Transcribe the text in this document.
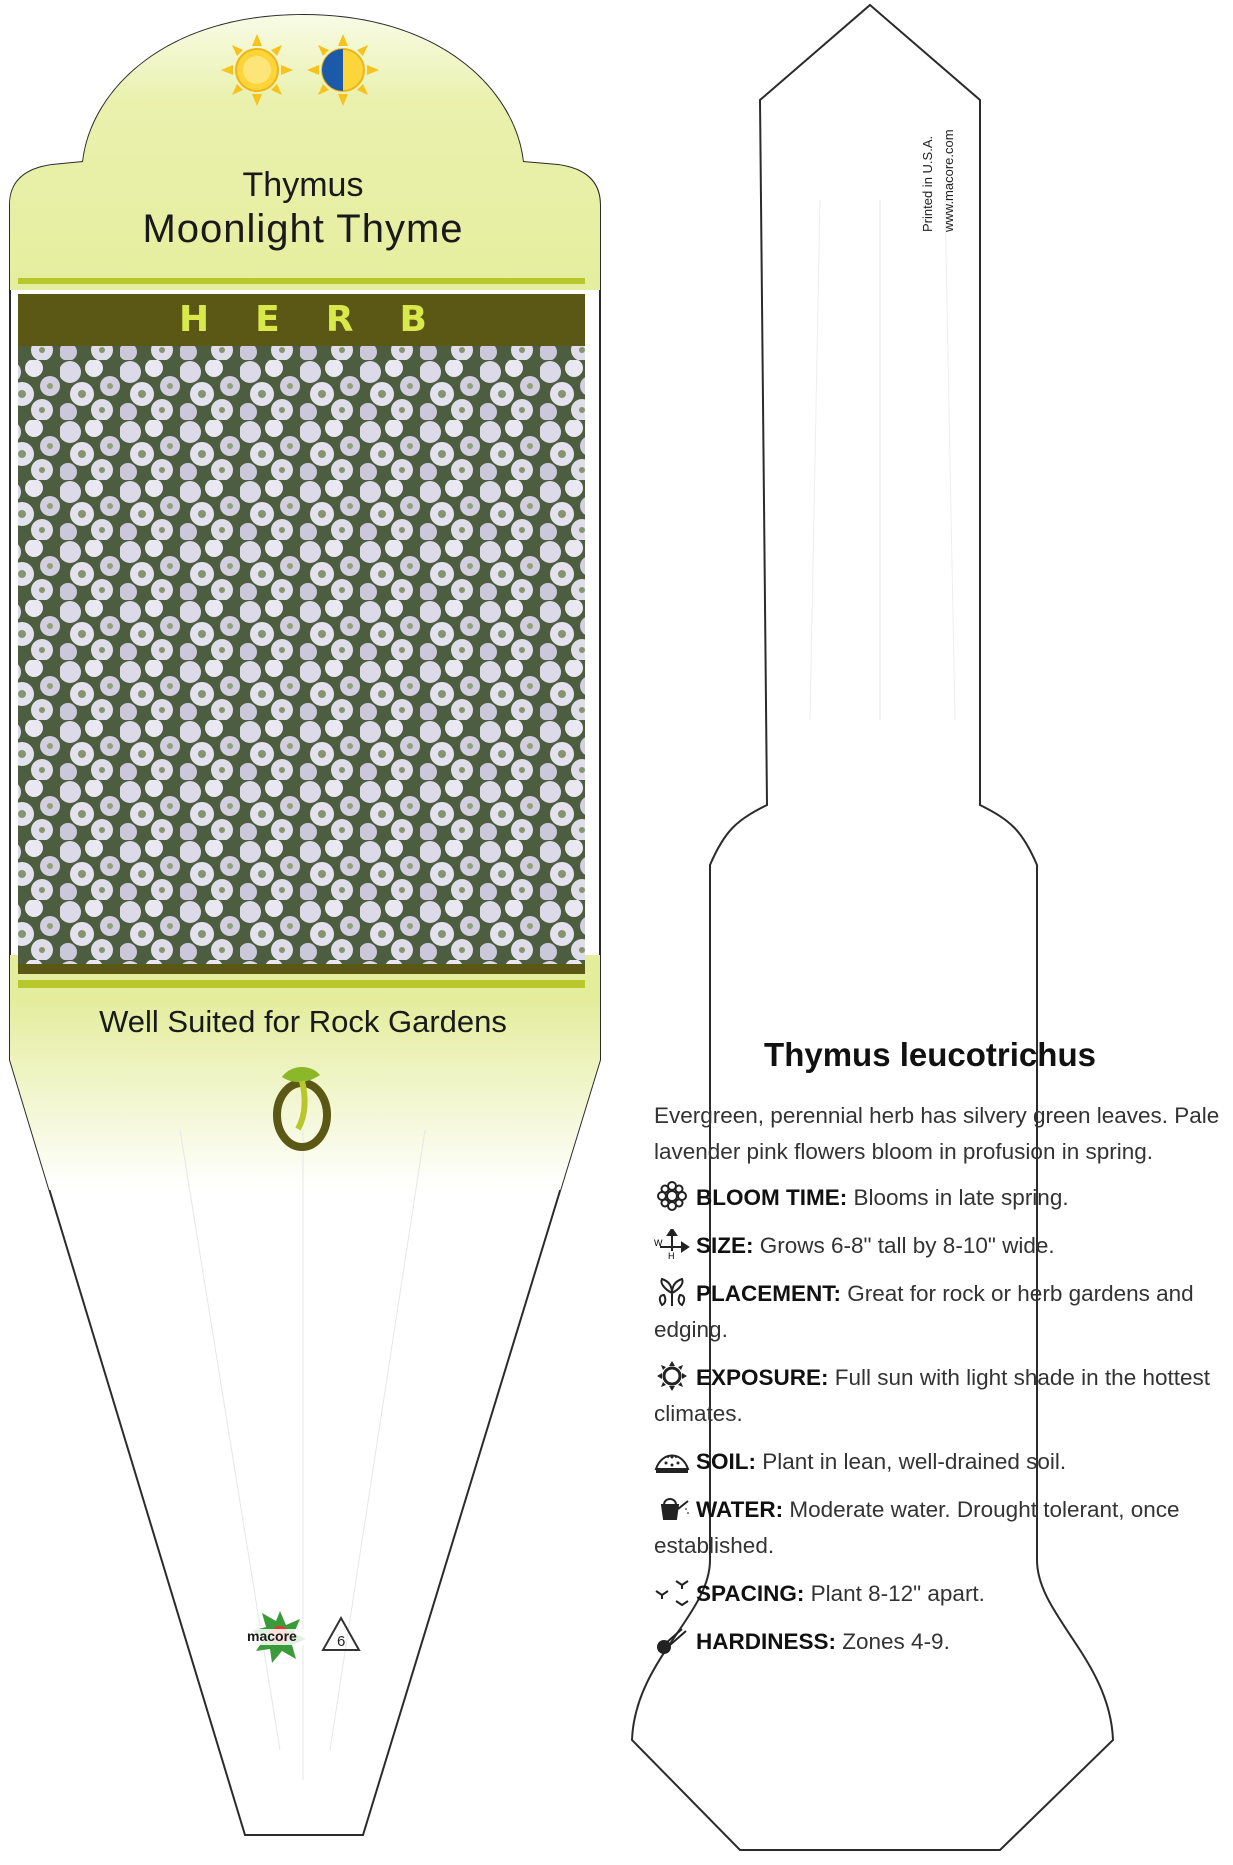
macore	6
Thymus
Moonlight Thyme
HERB
Well Suited for Rock Gardens
Printed in U.S.A. www.macore.com
Thymus leucotrichus
Evergreen, perennial herb has silvery green leaves. Pale lavender pink flowers bloom in profusion in spring.
BLOOM TIME: Blooms in late spring.
W
H SIZE: Grows 6-8" tall by 8-10" wide.
PLACEMENT: Great for rock or herb gardens and edging.
EXPOSURE: Full sun with light shade in the hottest climates.
SOIL: Plant in lean, well-drained soil.
WATER: Moderate water. Drought tolerant, once established.
SPACING: Plant 8-12" apart.
HARDINESS: Zones 4-9.
